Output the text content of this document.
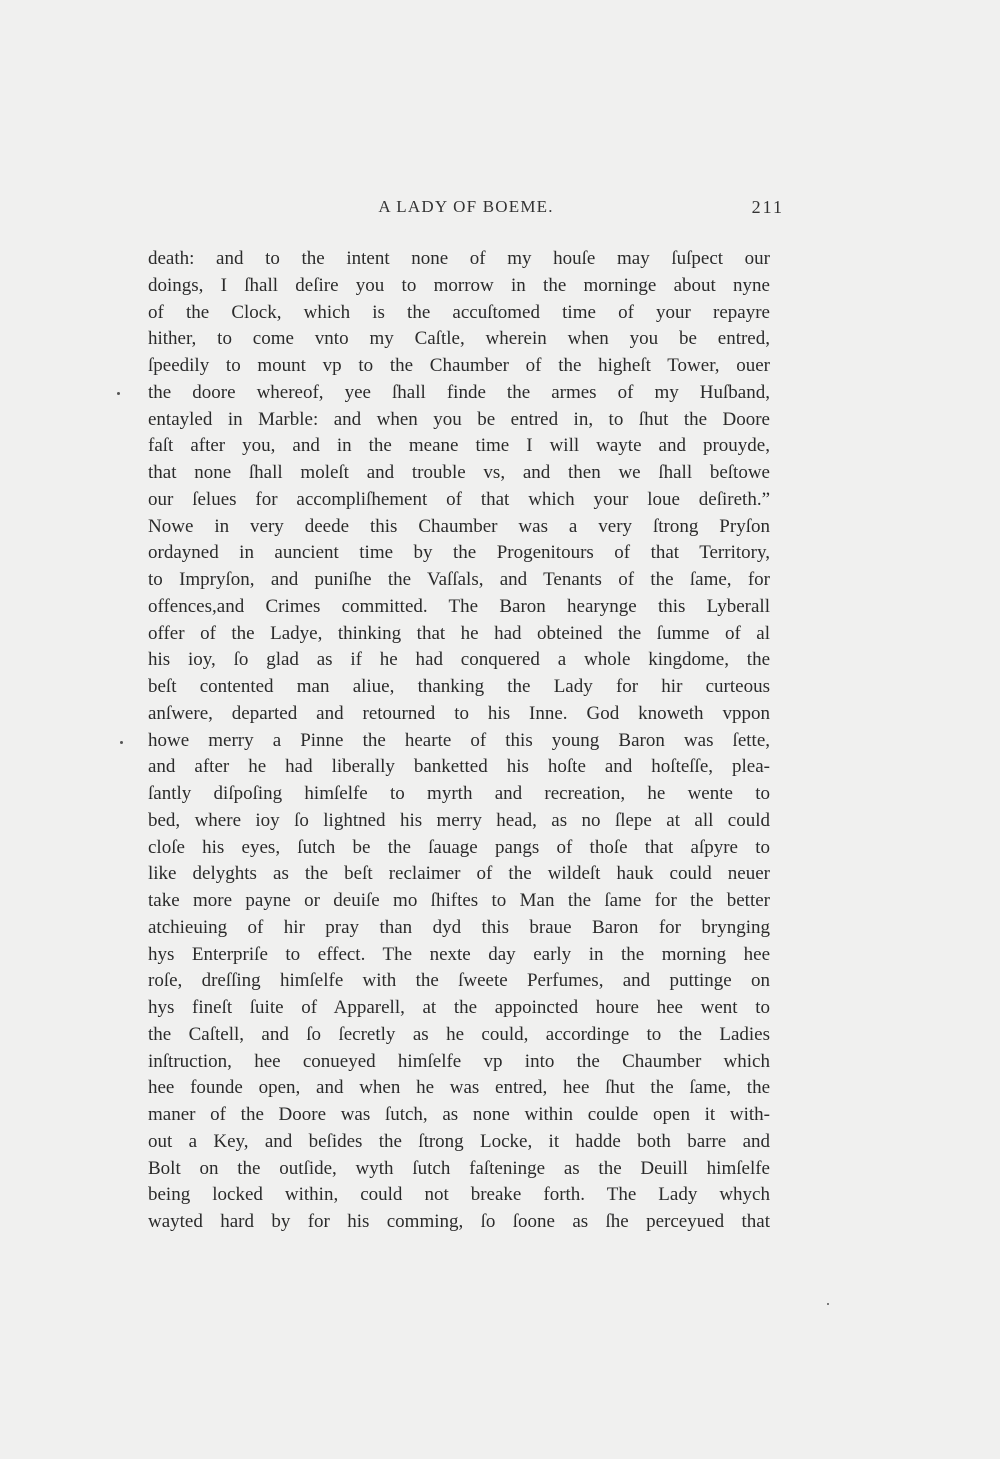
A LADY OF BOEME.	211
death: and to the intent none of my houſe may ſuſpect our
doings, I ſhall deſire you to morrow in the morninge about nyne
of the Clock, which is the accuſtomed time of your repayre
hither, to come vnto my Caſtle, wherein when you be entred,
ſpeedily to mount vp to the Chaumber of the higheſt Tower, ouer
the doore whereof, yee ſhall finde the armes of my Huſband,
entayled in Marble: and when you be entred in, to ſhut the Doore
faſt after you, and in the meane time I will wayte and prouyde,
that none ſhall moleſt and trouble vs, and then we ſhall beſtowe
our ſelues for accompliſhement of that which your loue deſireth.”
Nowe in very deede this Chaumber was a very ſtrong Pryſon
ordayned in auncient time by the Progenitours of that Territory,
to Impryſon, and puniſhe the Vaſſals, and Tenants of the ſame, for
offences,and Crimes committed. The Baron hearynge this Lyberall
offer of the Ladye, thinking that he had obteined the ſumme of al
his ioy, ſo glad as if he had conquered a whole kingdome, the
beſt contented man aliue, thanking the Lady for hir curteous
anſwere, departed and retourned to his Inne. God knoweth vppon
howe merry a Pinne the hearte of this young Baron was ſette,
and after he had liberally banketted his hoſte and hoſteſſe, plea-
ſantly diſpoſing himſelfe to myrth and recreation, he wente to
bed, where ioy ſo lightned his merry head, as no ſlepe at all could
cloſe his eyes, ſutch be the ſauage pangs of thoſe that aſpyre to
like delyghts as the beſt reclaimer of the wildeſt hauk could neuer
take more payne or deuiſe mo ſhiftes to Man the ſame for the better
atchieuing of hir pray than dyd this braue Baron for brynging
hys Enterpriſe to effect. The nexte day early in the morning hee
roſe, dreſſing himſelfe with the ſweete Perfumes, and puttinge on
hys fineſt ſuite of Apparell, at the appoincted houre hee went to
the Caſtell, and ſo ſecretly as he could, accordinge to the Ladies
inſtruction, hee conueyed himſelfe vp into the Chaumber which
hee founde open, and when he was entred, hee ſhut the ſame, the
maner of the Doore was ſutch, as none within coulde open it with-
out a Key, and beſides the ſtrong Locke, it hadde both barre and
Bolt on the outſide, wyth ſutch faſteninge as the Deuill himſelfe
being locked within, could not breake forth. The Lady whych
wayted hard by for his comming, ſo ſoone as ſhe perceyued that
